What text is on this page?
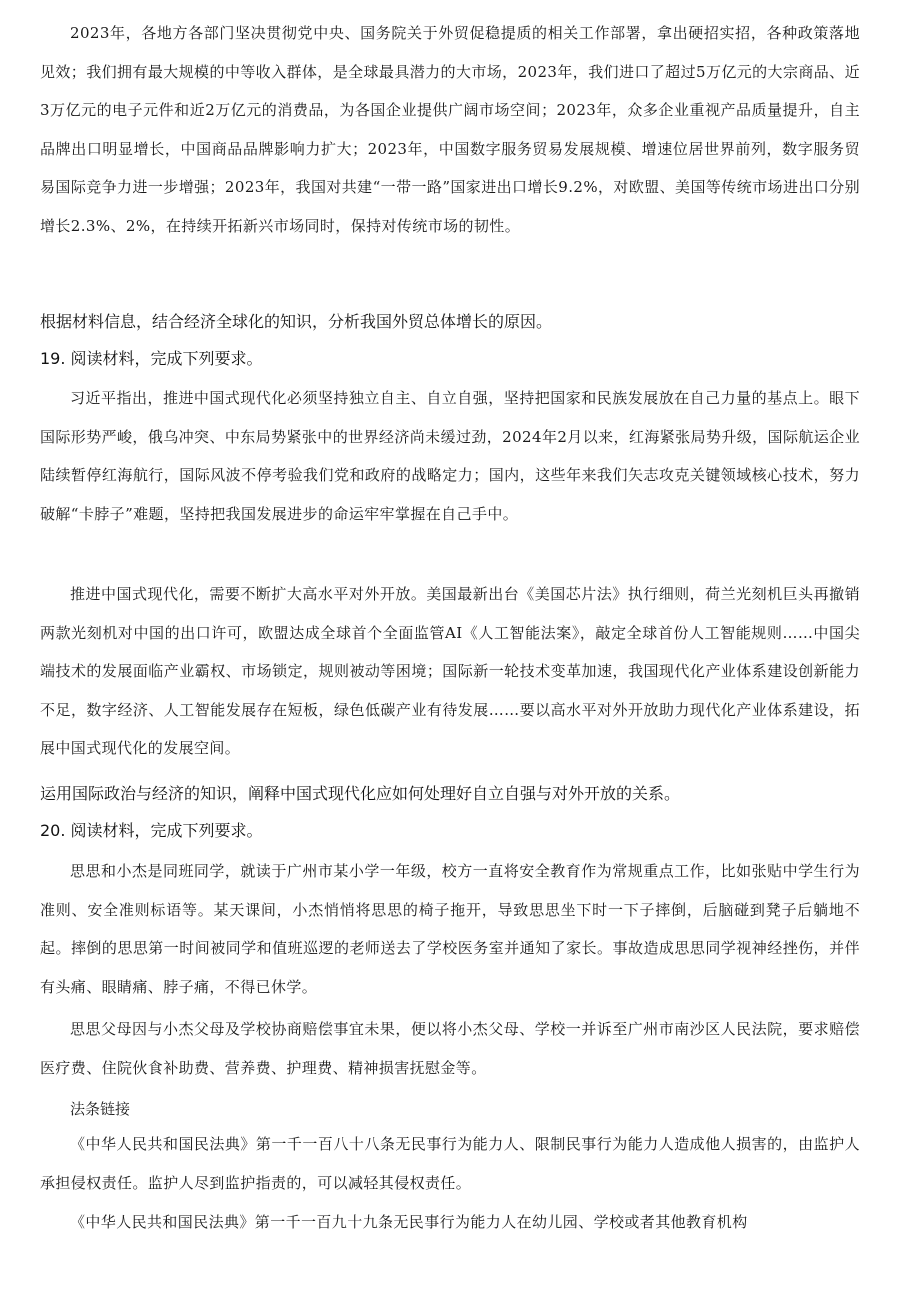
2023年，各地方各部门坚决贯彻党中央、国务院关于外贸促稳提质的相关工作部署，拿出硬招实招，各种政策落地见效；我们拥有最大规模的中等收入群体，是全球最具潜力的大市场，2023年，我们进口了超过5万亿元的大宗商品、近3万亿元的电子元件和近2万亿元的消费品，为各国企业提供广阔市场空间；2023年，众多企业重视产品质量提升，自主品牌出口明显增长，中国商品品牌影响力扩大；2023年，中国数字服务贸易发展规模、增速位居世界前列，数字服务贸易国际竞争力进一步增强；2023年，我国对共建“一带一路”国家进出口增长9.2%，对欧盟、美国等传统市场进出口分别增长2.3%、2%，在持续开拓新兴市场同时，保持对传统市场的韧性。

根据材料信息，结合经济全球化的知识，分析我国外贸总体增长的原因。
19. 阅读材料，完成下列要求。

习近平指出，推进中国式现代化必须坚持独立自主、自立自强，坚持把国家和民族发展放在自己力量的基点上。眼下国际形势严峻，俄乌冲突、中东局势紧张中的世界经济尚未缓过劲，2024年2月以来，红海紧张局势升级，国际航运企业陆续暂停红海航行，国际风波不停考验我们党和政府的战略定力；国内，这些年来我们矢志攻克关键领域核心技术，努力破解“卡脖子”难题，坚持把我国发展进步的命运牢牢掌握在自己手中。

推进中国式现代化，需要不断扩大高水平对外开放。美国最新出台《美国芯片法》执行细则，荷兰光刻机巨头再撤销两款光刻机对中国的出口许可，欧盟达成全球首个全面监管AI《人工智能法案》，敲定全球首份人工智能规则……中国尖端技术的发展面临产业霸权、市场锁定，规则被动等困境；国际新一轮技术变革加速，我国现代化产业体系建设创新能力不足，数字经济、人工智能发展存在短板，绿色低碳产业有待发展……要以高水平对外开放助力现代化产业体系建设，拓展中国式现代化的发展空间。

运用国际政治与经济的知识，阐释中国式现代化应如何处理好自立自强与对外开放的关系。
20. 阅读材料，完成下列要求。

思思和小杰是同班同学，就读于广州市某小学一年级，校方一直将安全教育作为常规重点工作，比如张贴中学生行为准则、安全准则标语等。某天课间，小杰悄悄将思思的椅子拖开，导致思思坐下时一下子摔倒，后脑碰到凳子后躺地不起。摔倒的思思第一时间被同学和值班巡逻的老师送去了学校医务室并通知了家长。事故造成思思同学视神经挫伤，并伴有头痛、眼睛痛、脖子痛，不得已休学。

思思父母因与小杰父母及学校协商赔偿事宜未果，便以将小杰父母、学校一并诉至广州市南沙区人民法院，要求赔偿医疗费、住院伙食补助费、营养费、护理费、精神损害抚慰金等。

法条链接

《中华人民共和国民法典》第一千一百八十八条无民事行为能力人、限制民事行为能力人造成他人损害的，由监护人承担侵权责任。监护人尽到监护指责的，可以减轻其侵权责任。

《中华人民共和国民法典》第一千一百九十九条无民事行为能力人在幼儿园、学校或者其他教育机构
